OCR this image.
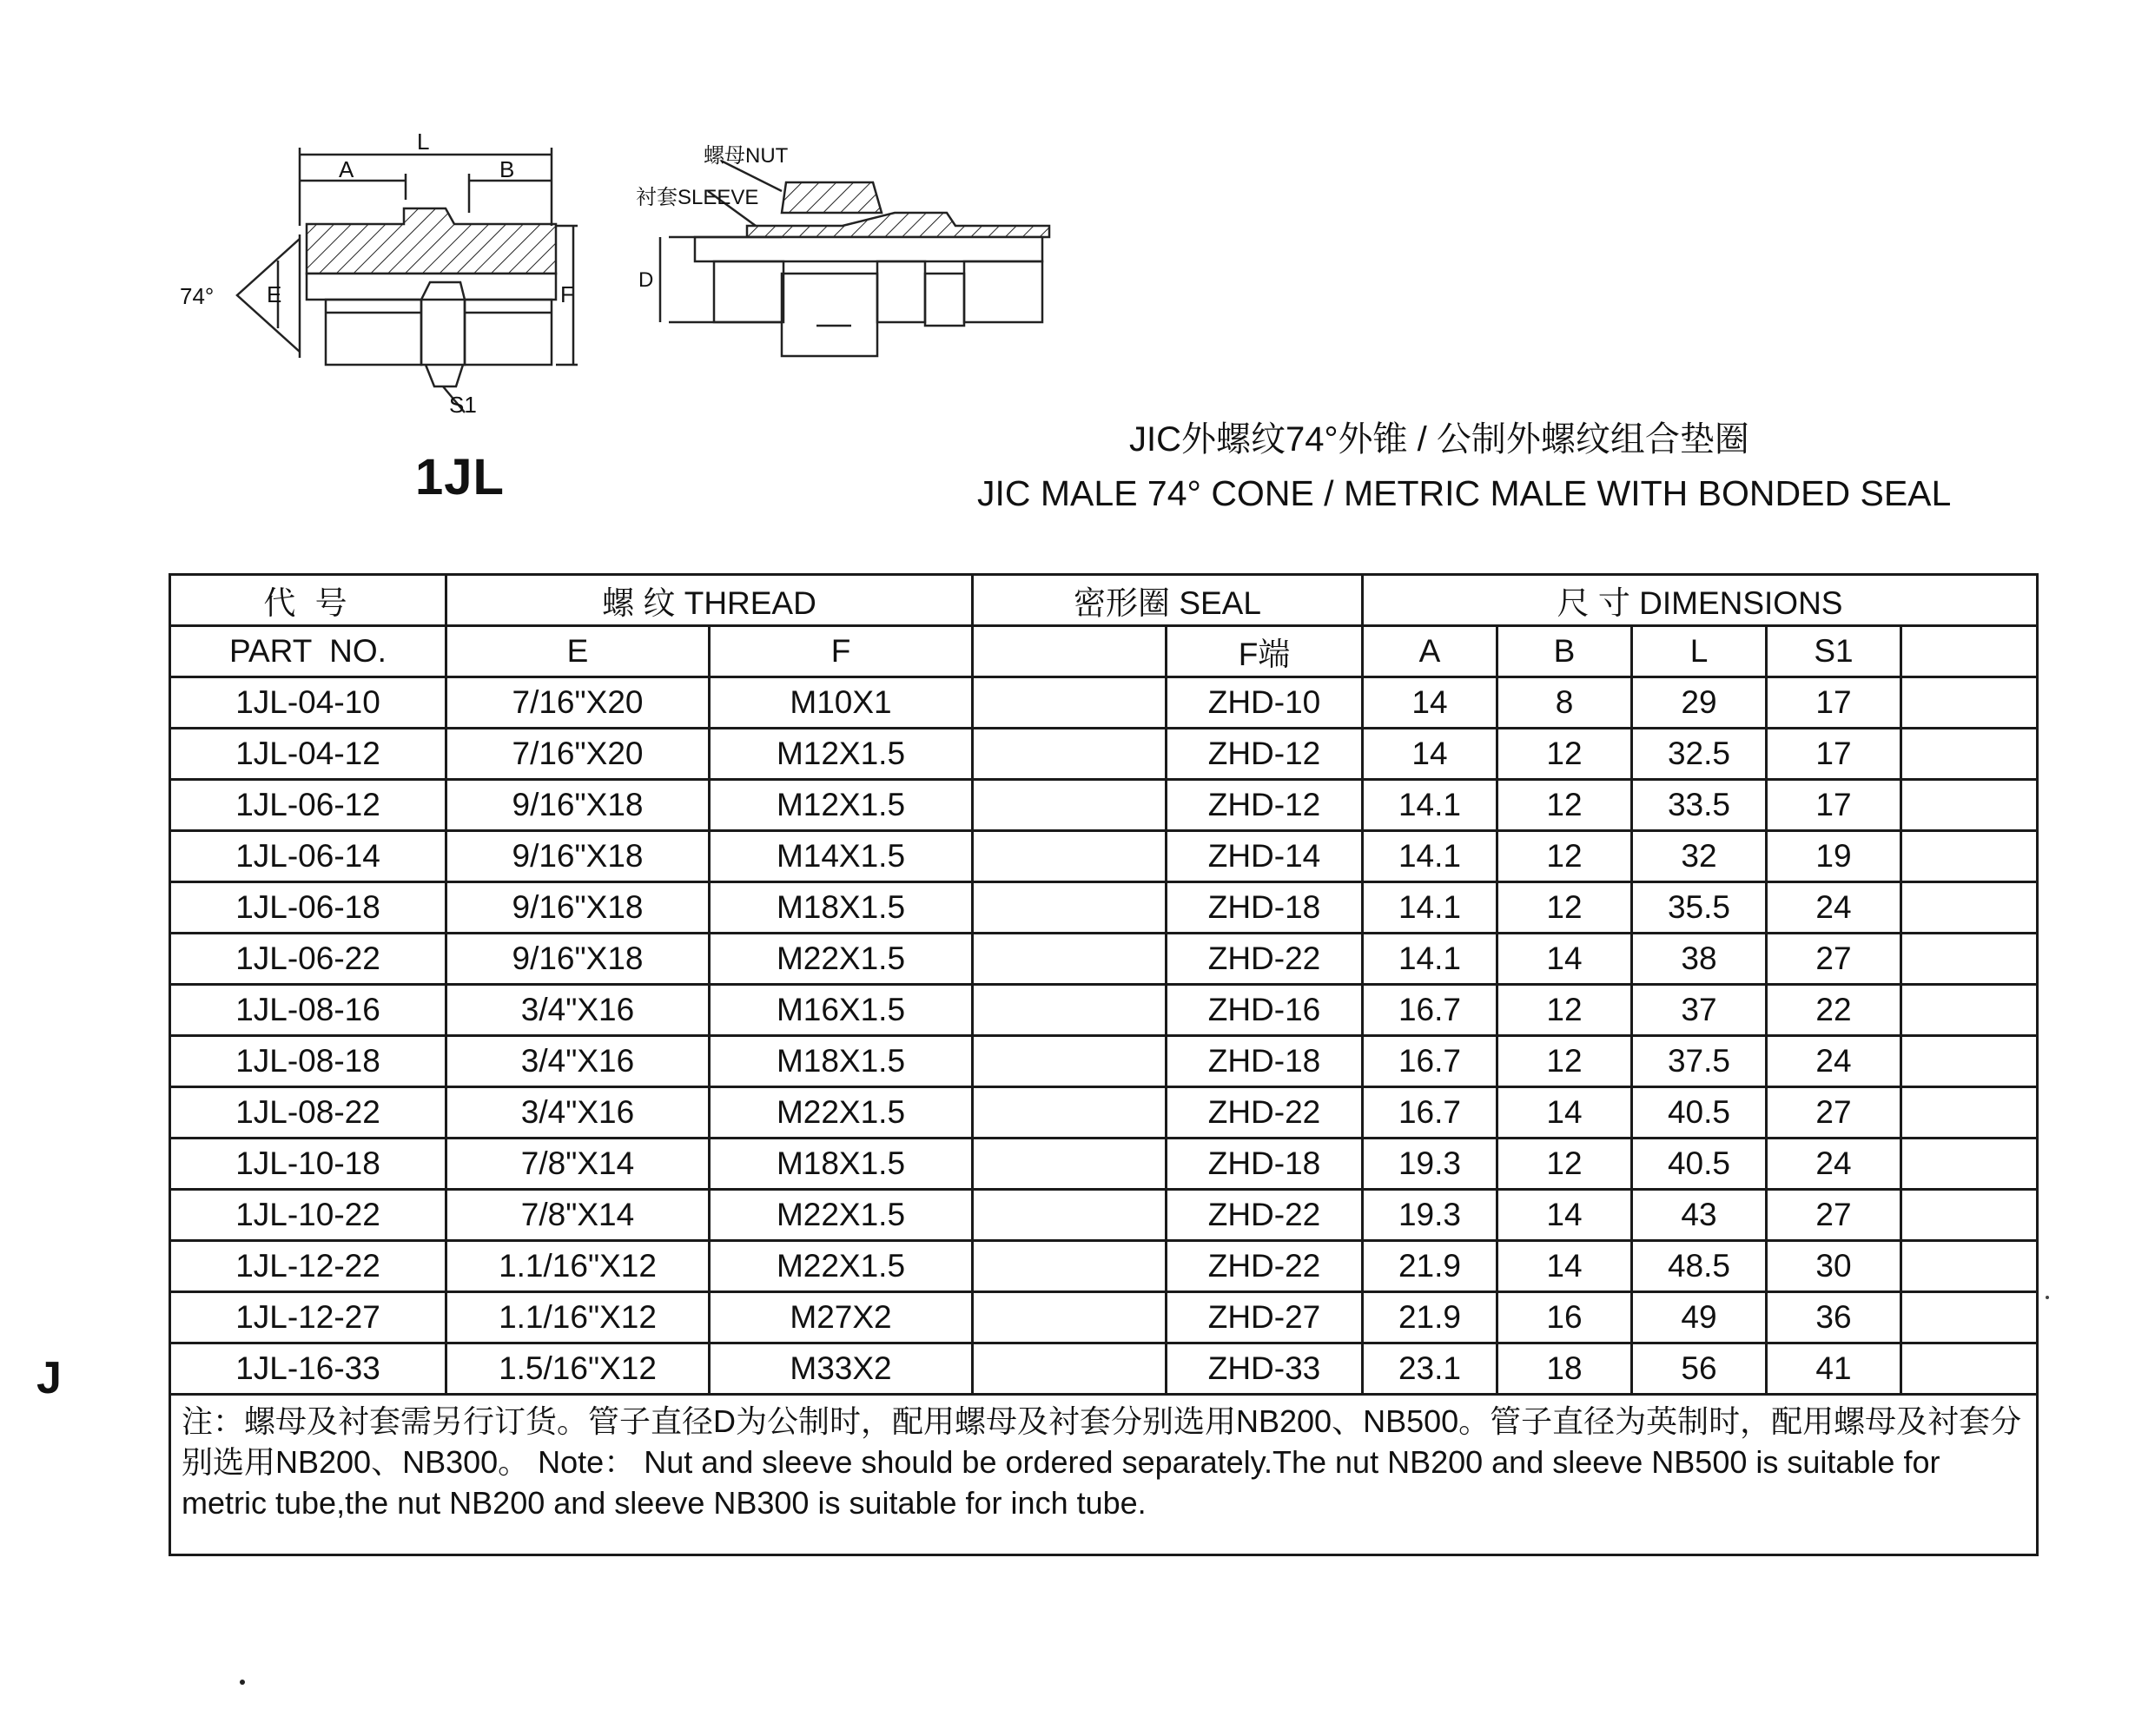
L
A	B
74° E	F
S1
螺母NUT
衬套SLEEVE
D
1JL
JIC外螺纹74°外锥 / 公制外螺纹组合垫圈
JIC MALE 74° CONE / METRIC MALE WITH BONDED SEAL
J
代 号	螺 纹 THREAD		密形圈 SEAL		尺 寸 DIMENSIONS				
PART  NO.	E	F		F端	A	B	L	S1	
1JL-04-10	7/16"X20	M10X1		ZHD-10	14	8	29	17	
1JL-04-12	7/16"X20	M12X1.5		ZHD-12	14	12	32.5	17	
1JL-06-12	9/16"X18	M12X1.5		ZHD-12	14.1	12	33.5	17	
1JL-06-14	9/16"X18	M14X1.5		ZHD-14	14.1	12	32	19	
1JL-06-18	9/16"X18	M18X1.5		ZHD-18	14.1	12	35.5	24	
1JL-06-22	9/16"X18	M22X1.5		ZHD-22	14.1	14	38	27	
1JL-08-16	3/4"X16	M16X1.5		ZHD-16	16.7	12	37	22	
1JL-08-18	3/4"X16	M18X1.5		ZHD-18	16.7	12	37.5	24	
1JL-08-22	3/4"X16	M22X1.5		ZHD-22	16.7	14	40.5	27	
1JL-10-18	7/8"X14	M18X1.5		ZHD-18	19.3	12	40.5	24	
1JL-10-22	7/8"X14	M22X1.5		ZHD-22	19.3	14	43	27	
1JL-12-22	1.1/16"X12	M22X1.5		ZHD-22	21.9	14	48.5	30	
1JL-12-27	1.1/16"X12	M27X2		ZHD-27	21.9	16	49	36	
1JL-16-33	1.5/16"X12	M33X2		ZHD-33	23.1	18	56	41	
注：螺母及衬套需另行订货。管子直径D为公制时，配用螺母及衬套分别选用NB200、NB500。管子直径为英制时，配用螺母及衬套分别选用NB200、NB300。 Note： Nut and sleeve should be ordered separately.The nut NB200 and sleeve NB500 is suitable for metric tube,the nut NB200 and sleeve NB300 is suitable for inch tube.									
